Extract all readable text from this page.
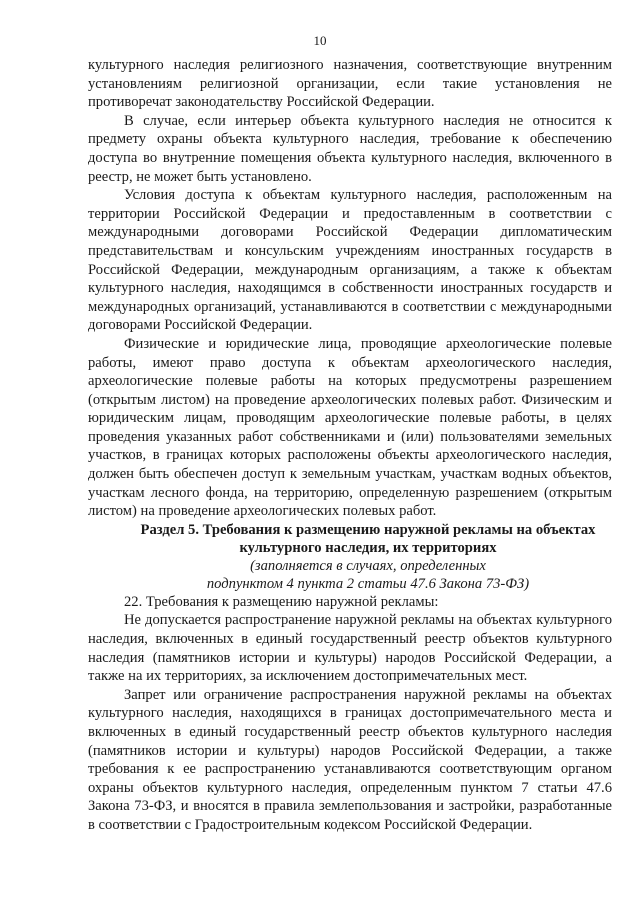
10

культурного наследия религиозного назначения, соответствующие внутренним установлениям религиозной организации, если такие установления не противоречат законодательству Российской Федерации.

В случае, если интерьер объекта культурного наследия не относится к предмету охраны объекта культурного наследия, требование к обеспечению доступа во внутренние помещения объекта культурного наследия, включенного в реестр, не может быть установлено.

Условия доступа к объектам культурного наследия, расположенным на территории Российской Федерации и предоставленным в соответствии с международными договорами Российской Федерации дипломатическим представительствам и консульским учреждениям иностранных государств в Российской Федерации, международным организациям, а также к объектам культурного наследия, находящимся в собственности иностранных государств и международных организаций, устанавливаются в соответствии с международными договорами Российской Федерации.

Физические и юридические лица, проводящие археологические полевые работы, имеют право доступа к объектам археологического наследия, археологические полевые работы на которых предусмотрены разрешением (открытым листом) на проведение археологических полевых работ. Физическим и юридическим лицам, проводящим археологические полевые работы, в целях проведения указанных работ собственниками и (или) пользователями земельных участков, в границах которых расположены объекты археологического наследия, должен быть обеспечен доступ к земельным участкам, участкам водных объектов, участкам лесного фонда, на территорию, определенную разрешением (открытым листом) на проведение археологических полевых работ.

Раздел 5. Требования к размещению наружной рекламы на объектах

культурного наследия, их территориях

(заполняется в случаях, определенных

подпунктом 4 пункта 2 статьи 47.6 Закона 73-ФЗ)

22. Требования к размещению наружной рекламы:

Не допускается распространение наружной рекламы на объектах культурного наследия, включенных в единый государственный реестр объектов культурного наследия (памятников истории и культуры) народов Российской Федерации, а также на их территориях, за исключением достопримечательных мест.

Запрет или ограничение распространения наружной рекламы на объектах культурного наследия, находящихся в границах достопримечательного места и включенных в единый государственный реестр объектов культурного наследия (памятников истории и культуры) народов Российской Федерации, а также требования к ее распространению устанавливаются соответствующим органом охраны объектов культурного наследия, определенным пунктом 7 статьи 47.6 Закона 73-ФЗ, и вносятся в правила землепользования и застройки, разработанные в соответствии с Градостроительным кодексом Российской Федерации.
